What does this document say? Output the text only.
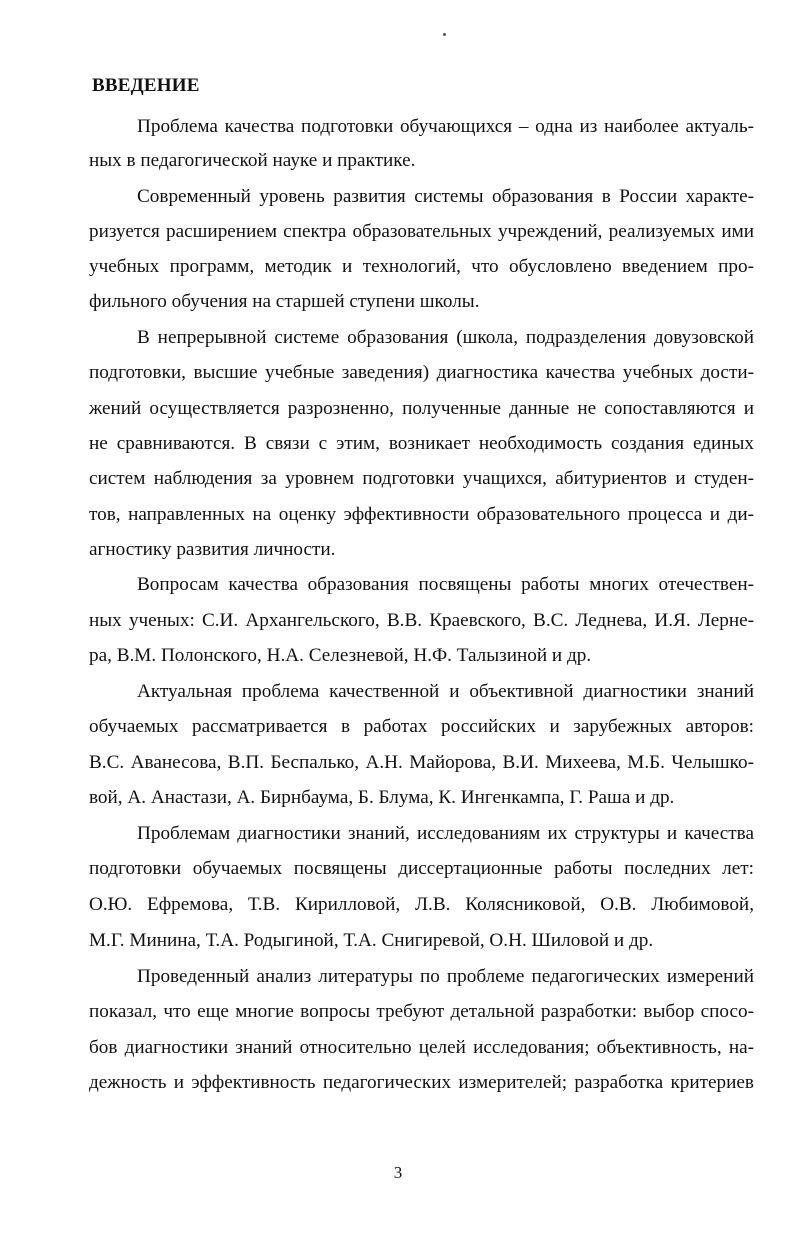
ВВЕДЕНИЕ

Проблема качества подготовки обучающихся – одна из наиболее актуаль-

ных в педагогической науке и практике.

Современный уровень развития системы образования в России характе-

ризуется расширением спектра образовательных учреждений, реализуемых ими

учебных программ, методик и технологий, что обусловлено введением про-

фильного обучения на старшей ступени школы.

В непрерывной системе образования (школа, подразделения довузовской

подготовки, высшие учебные заведения) диагностика качества учебных дости-

жений осуществляется разрозненно, полученные данные не сопоставляются и

не сравниваются. В связи с этим, возникает необходимость создания единых

систем наблюдения за уровнем подготовки учащихся, абитуриентов и студен-

тов, направленных на оценку эффективности образовательного процесса и ди-

агностику развития личности.

Вопросам качества образования посвящены работы многих отечествен-

ных ученых: С.И. Архангельского, В.В. Краевского, В.С. Леднева, И.Я. Лерне-

ра, В.М. Полонского, Н.А. Селезневой, Н.Ф. Талызиной и др.

Актуальная проблема качественной и объективной диагностики знаний

обучаемых рассматривается в работах российских и зарубежных авторов:

В.С. Аванесова, В.П. Беспалько, А.Н. Майорова, В.И. Михеева, М.Б. Челышко-

вой, А. Анастази, А. Бирнбаума, Б. Блума, К. Ингенкампа, Г. Раша и др.

Проблемам диагностики знаний, исследованиям их структуры и качества

подготовки обучаемых посвящены диссертационные работы последних лет:

О.Ю. Ефремова, Т.В. Кирилловой, Л.В. Колясниковой, О.В. Любимовой,

М.Г. Минина, Т.А. Родыгиной, Т.А. Снигиревой, О.Н. Шиловой и др.

Проведенный анализ литературы по проблеме педагогических измерений

показал, что еще многие вопросы требуют детальной разработки: выбор спосо-

бов диагностики знаний относительно целей исследования; объективность, на-

дежность и эффективность педагогических измерителей; разработка критериев

3
